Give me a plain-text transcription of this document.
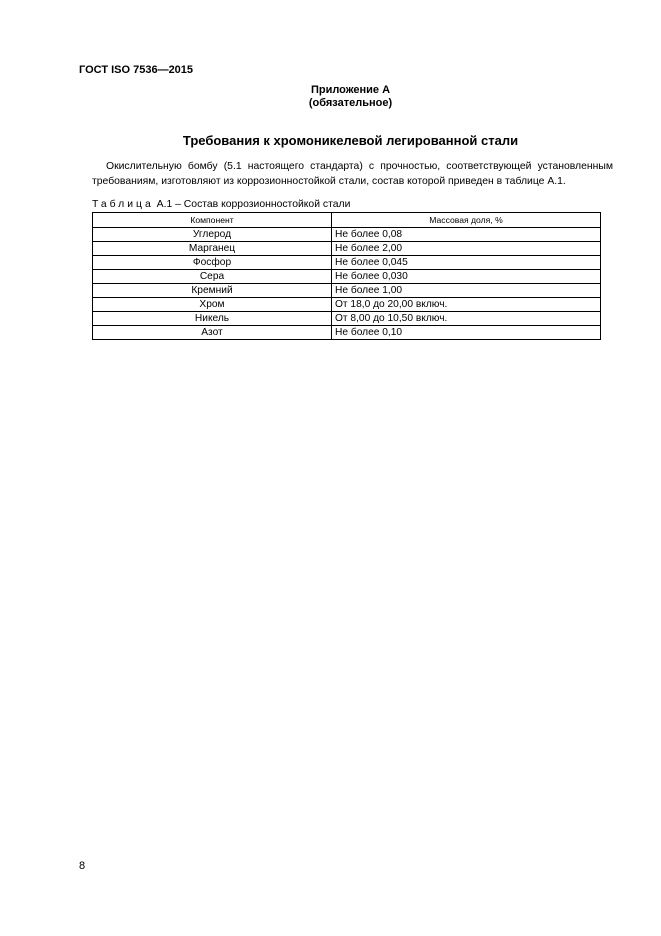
ГОСТ ISO 7536—2015
Приложение А
(обязательное)
Требования к хромоникелевой легированной стали
Окислительную бомбу (5.1 настоящего стандарта) с прочностью, соответствующей установленным требованиям, изготовляют из коррозионностойкой стали, состав которой приведен в таблице А.1.
Таблица А.1 – Состав коррозионностойкой стали
Компонент	Массовая доля, %
Углерод	Не более 0,08
Марганец	Не более 2,00
Фосфор	Не более 0,045
Сера	Не более 0,030
Кремний	Не более 1,00
Хром	От 18,0 до 20,00 включ.
Никель	От 8,00 до 10,50 включ.
Азот	Не более 0,10
8
